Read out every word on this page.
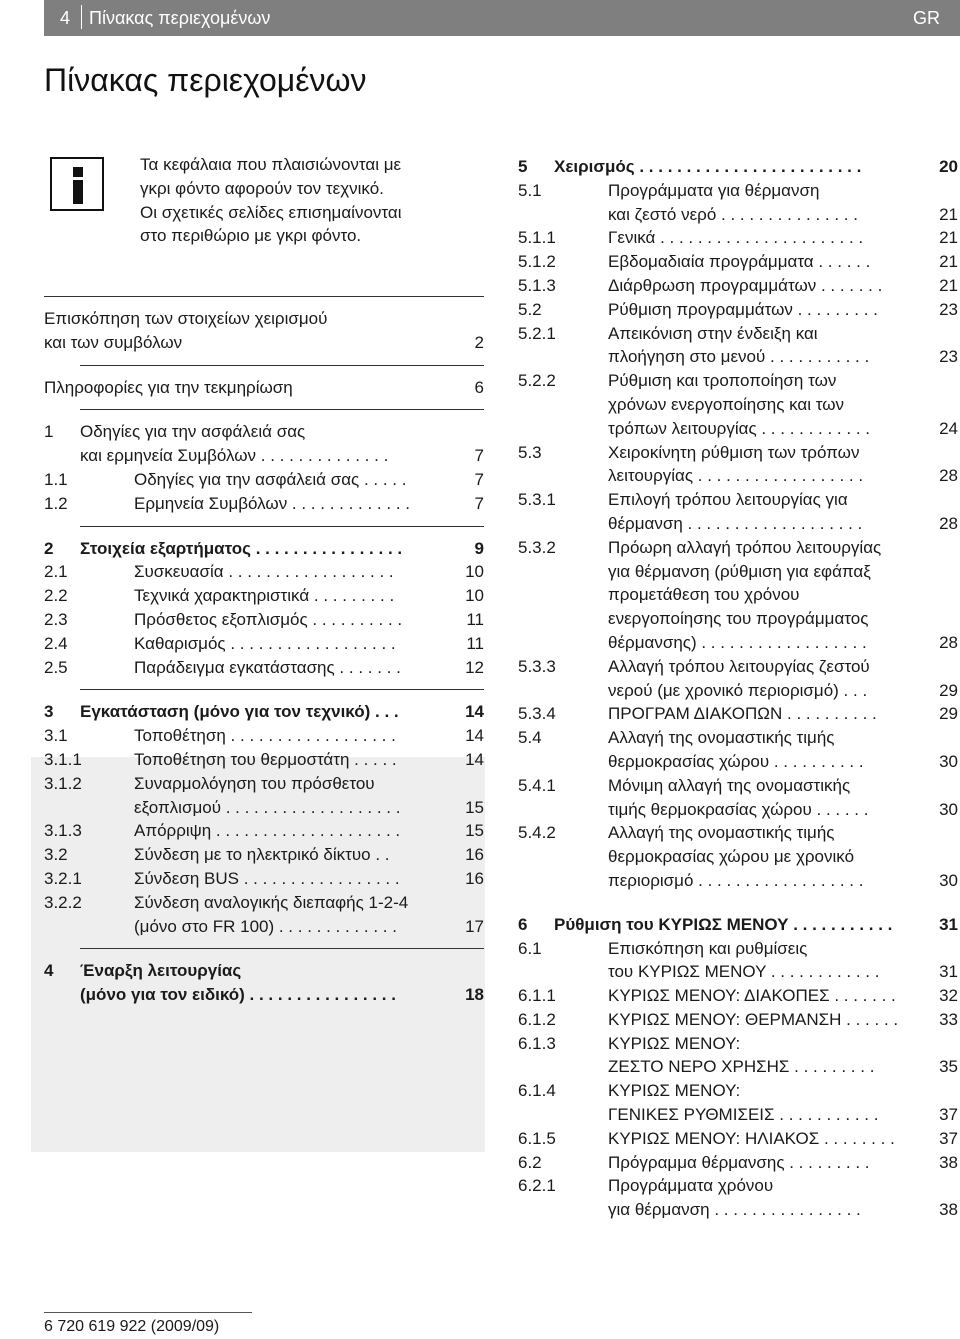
4 Πίνακας περιεχομένων	GR
Πίνακας περιεχομένων
Τα κεφάλαια που πλαισιώνονται με
γκρι φόντο αφορούν τον τεχνικό.
Οι σχετικές σελίδες επισημαίνονται
στο περιθώριο με γκρι φόντο.
Επισκόπηση των στοιχείων χειρισμού
και των συμβόλων	2
Πληροφορίες για την τεκμηρίωση	6
1 Οδηγίες για την ασφάλειά σας
και ερμηνεία Συμβόλων . . . . . . . . . . . . . .	7
1.1	Οδηγίες για την ασφάλειά σας . . . . .	7
1.2	Ερμηνεία Συμβόλων . . . . . . . . . . . . .	7
2 Στοιχεία εξαρτήματος . . . . . . . . . . . . . . . .	9
2.1	Συσκευασία . . . . . . . . . . . . . . . . . .	10
2.2	Τεχνικά χαρακτηριστικά . . . . . . . . .	10
2.3	Πρόσθετος εξοπλισμός . . . . . . . . . .	11
2.4	Καθαρισμός . . . . . . . . . . . . . . . . . .	11
2.5	Παράδειγμα εγκατάστασης . . . . . . .	12
3 Εγκατάσταση (μόνο για τον τεχνικό) . . .	14
3.1	Τοποθέτηση . . . . . . . . . . . . . . . . . .	14
3.1.1	Τοποθέτηση του θερμοστάτη . . . . .	14
3.1.2	Συναρμολόγηση του πρόσθετου
εξοπλισμού . . . . . . . . . . . . . . . . . . .	15
3.1.3	Απόρριψη . . . . . . . . . . . . . . . . . . . .	15
3.2	Σύνδεση με το ηλεκτρικό δίκτυο . .	16
3.2.1	Σύνδεση BUS . . . . . . . . . . . . . . . . .	16
3.2.2	Σύνδεση αναλογικής διεπαφής 1-2-4
(μόνο στο FR 100) . . . . . . . . . . . . .	17
4 Έναρξη λειτουργίας
(μόνο για τον ειδικό) . . . . . . . . . . . . . . . .	18
5 Χειρισμός . . . . . . . . . . . . . . . . . . . . . . . .	20
5.1	Προγράμματα για θέρμανση
και ζεστό νερό . . . . . . . . . . . . . . .	21
5.1.1	Γενικά . . . . . . . . . . . . . . . . . . . . . .	21
5.1.2	Εβδομαδιαία προγράμματα . . . . . .	21
5.1.3	Διάρθρωση προγραμμάτων . . . . . . .	21
5.2	Ρύθμιση προγραμμάτων . . . . . . . . .	23
5.2.1	Απεικόνιση στην ένδειξη και
πλοήγηση στο μενού . . . . . . . . . . .	23
5.2.2	Ρύθμιση και τροποποίηση των
χρόνων ενεργοποίησης και των
τρόπων λειτουργίας . . . . . . . . . . . .	24
5.3	Χειροκίνητη ρύθμιση των τρόπων
λειτουργίας . . . . . . . . . . . . . . . . . .	28
5.3.1	Επιλογή τρόπου λειτουργίας για
θέρμανση . . . . . . . . . . . . . . . . . . .	28
5.3.2	Πρόωρη αλλαγή τρόπου λειτουργίας
για θέρμανση (ρύθμιση για εφάπαξ
προμετάθεση του χρόνου
ενεργοποίησης του προγράμματος
θέρμανσης) . . . . . . . . . . . . . . . . . .	28
5.3.3	Αλλαγή τρόπου λειτουργίας ζεστού
νερού (με χρονικό περιορισμό) . . .	29
5.3.4	ΠΡΟΓΡΑΜ ΔΙΑΚΟΠΩΝ . . . . . . . . . .	29
5.4	Αλλαγή της ονομαστικής τιμής
θερμοκρασίας χώρου . . . . . . . . . .	30
5.4.1	Μόνιμη αλλαγή της ονομαστικής
τιμής θερμοκρασίας χώρου . . . . . .	30
5.4.2	Αλλαγή της ονομαστικής τιμής
θερμοκρασίας χώρου με χρονικό
περιορισμό . . . . . . . . . . . . . . . . . .	30
6 Ρύθμιση του ΚΥΡΙΩΣ ΜΕΝΟΥ . . . . . . . . . . .	31
6.1	Επισκόπηση και ρυθμίσεις
του ΚΥΡΙΩΣ ΜΕΝΟΥ . . . . . . . . . . . .	31
6.1.1	ΚΥΡΙΩΣ ΜΕΝΟΥ: ΔΙΑΚΟΠΕΣ . . . . . . .	32
6.1.2	ΚΥΡΙΩΣ ΜΕΝΟΥ: ΘΕΡΜΑΝΣΗ . . . . . .	33
6.1.3	ΚΥΡΙΩΣ ΜΕΝΟΥ:
ΖΕΣΤΟ ΝΕΡΟ ΧΡΗΣΗΣ . . . . . . . . .	35
6.1.4	ΚΥΡΙΩΣ ΜΕΝΟΥ:
ΓΕΝΙΚΕΣ ΡΥΘΜΙΣΕΙΣ . . . . . . . . . . .	37
6.1.5	ΚΥΡΙΩΣ ΜΕΝΟΥ: ΗΛΙΑΚΟΣ . . . . . . . .	37
6.2	Πρόγραμμα θέρμανσης . . . . . . . . .	38
6.2.1	Προγράμματα χρόνου
για θέρμανση . . . . . . . . . . . . . . . .	38
6 720 619 922 (2009/09)
